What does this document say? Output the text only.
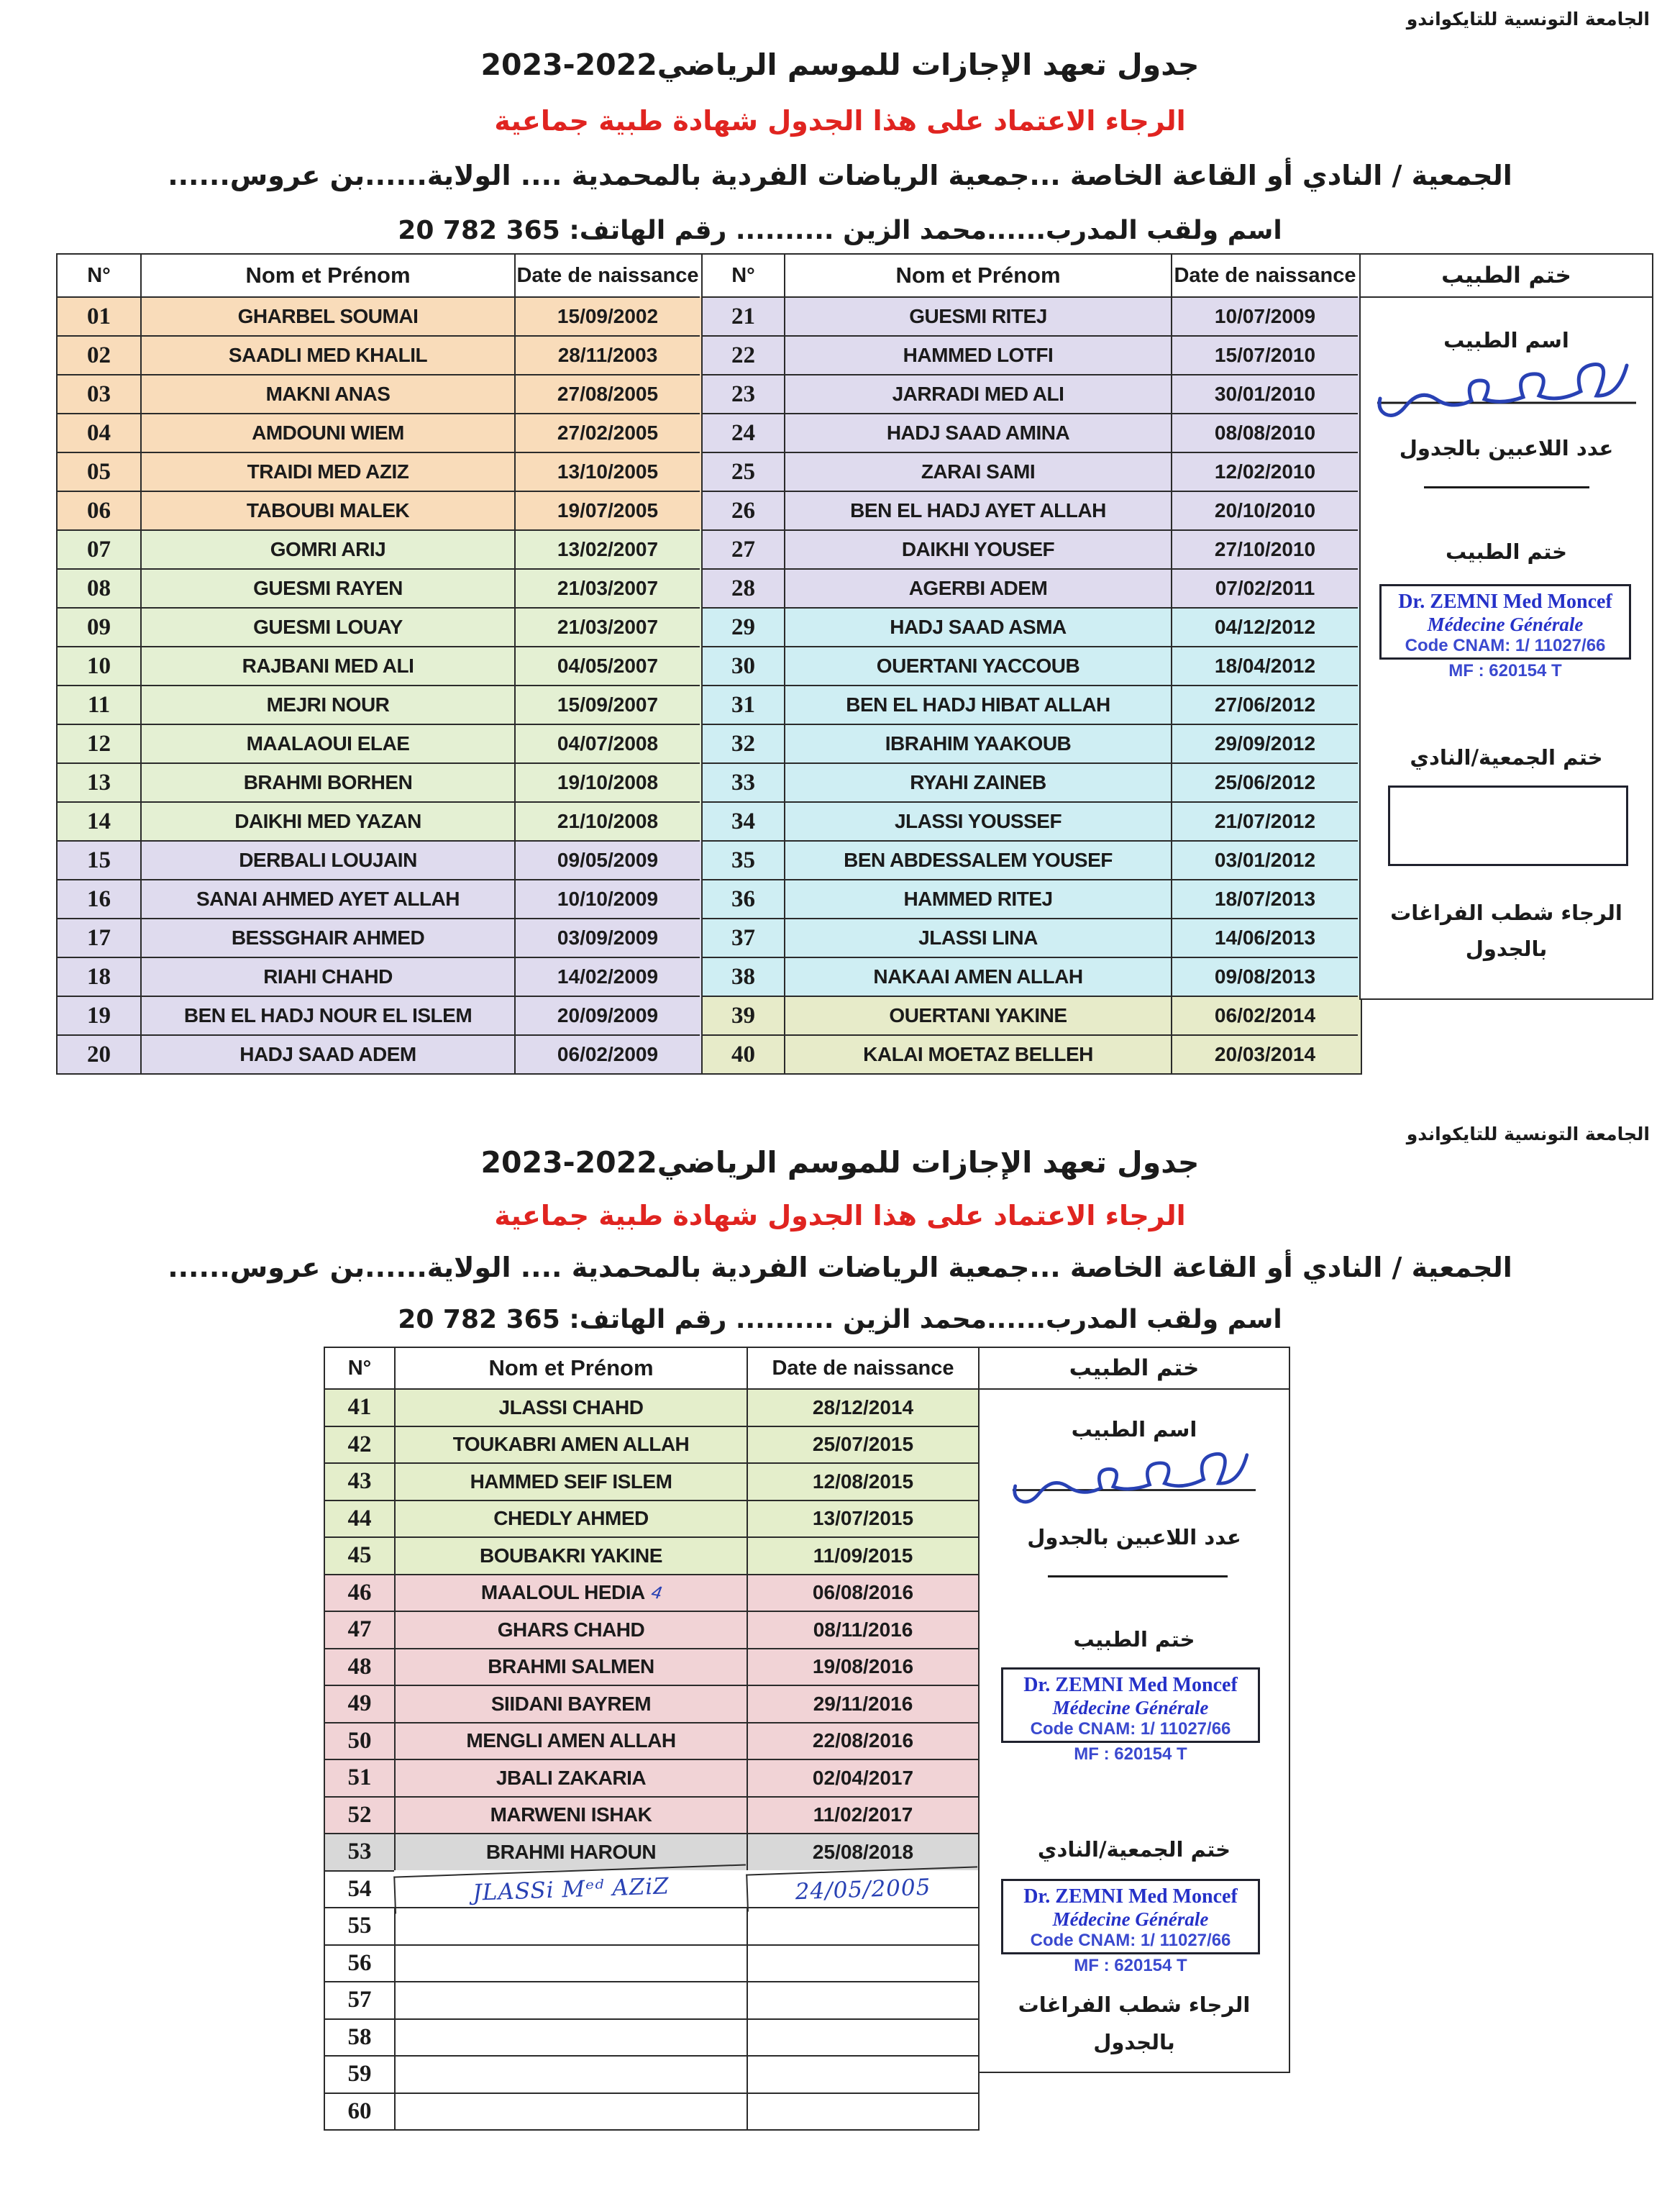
الجامعة التونسية للتايكواندو
جدول تعهد الإجازات للموسم الرياضي2023-2022
الرجاء الاعتماد على هذا الجدول شهادة طبية جماعية
الجمعية / النادي أو القاعة الخاصة ...جمعية الرياضات الفردية بالمحمدية .... الولاية......بن عروس......
اسم ولقب المدرب......محمد الزين .......... رقم الهاتف: 20 782 365
N°	Nom et Prénom	Date de naissance
01	GHARBEL SOUMAI	15/09/2002
02	SAADLI MED KHALIL	28/11/2003
03	MAKNI ANAS	27/08/2005
04	AMDOUNI WIEM	27/02/2005
05	TRAIDI MED AZIZ	13/10/2005
06	TABOUBI MALEK	19/07/2005
07	GOMRI ARIJ	13/02/2007
08	GUESMI RAYEN	21/03/2007
09	GUESMI LOUAY	21/03/2007
10	RAJBANI MED ALI	04/05/2007
11	MEJRI NOUR	15/09/2007
12	MAALAOUI ELAE	04/07/2008
13	BRAHMI BORHEN	19/10/2008
14	DAIKHI MED YAZAN	21/10/2008
15	DERBALI LOUJAIN	09/05/2009
16	SANAI AHMED AYET ALLAH	10/10/2009
17	BESSGHAIR AHMED	03/09/2009
18	RIAHI CHAHD	14/02/2009
19	BEN EL HADJ NOUR EL ISLEM	20/09/2009
20	HADJ SAAD ADEM	06/02/2009
N°	Nom et Prénom	Date de naissance
21	GUESMI RITEJ	10/07/2009
22	HAMMED LOTFI	15/07/2010
23	JARRADI MED ALI	30/01/2010
24	HADJ SAAD AMINA	08/08/2010
25	ZARAI SAMI	12/02/2010
26	BEN EL HADJ AYET ALLAH	20/10/2010
27	DAIKHI YOUSEF	27/10/2010
28	AGERBI ADEM	07/02/2011
29	HADJ SAAD ASMA	04/12/2012
30	OUERTANI YACCOUB	18/04/2012
31	BEN EL HADJ HIBAT ALLAH	27/06/2012
32	IBRAHIM YAAKOUB	29/09/2012
33	RYAHI ZAINEB	25/06/2012
34	JLASSI YOUSSEF	21/07/2012
35	BEN ABDESSALEM YOUSEF	03/01/2012
36	HAMMED RITEJ	18/07/2013
37	JLASSI LINA	14/06/2013
38	NAKAAI AMEN ALLAH	09/08/2013
39	OUERTANI YAKINE	06/02/2014
40	KALAI MOETAZ BELLEH	20/03/2014
ختم الطبيب
اسم الطبيب
عدد اللاعبين بالجدول
ختم الطبيب
Dr. ZEMNI Med Moncef
Médecine Générale
Code CNAM: 1/ 11027/66
MF : 620154 T
ختم الجمعية/النادي
الرجاء شطب الفراغات
بالجدول
الجامعة التونسية للتايكواندو
جدول تعهد الإجازات للموسم الرياضي2023-2022
الرجاء الاعتماد على هذا الجدول شهادة طبية جماعية
الجمعية / النادي أو القاعة الخاصة ...جمعية الرياضات الفردية بالمحمدية .... الولاية......بن عروس......
اسم ولقب المدرب......محمد الزين .......... رقم الهاتف: 20 782 365
N°	Nom et Prénom	Date de naissance
41	JLASSI CHAHD	28/12/2014
42	TOUKABRI AMEN ALLAH	25/07/2015
43	HAMMED SEIF ISLEM	12/08/2015
44	CHEDLY AHMED	13/07/2015
45	BOUBAKRI YAKINE	11/09/2015
46	MAALOUL HEDIA 4	06/08/2016
47	GHARS CHAHD	08/11/2016
48	BRAHMI SALMEN	19/08/2016
49	SIIDANI BAYREM	29/11/2016
50	MENGLI AMEN ALLAH	22/08/2016
51	JBALI ZAKARIA	02/04/2017
52	MARWENI ISHAK	11/02/2017
53	BRAHMI HAROUN	25/08/2018
54	JLASSi Mᵉᵈ AZiZ	24/05/2005
55
56
57
58
59
60
ختم الطبيب
اسم الطبيب
عدد اللاعبين بالجدول
ختم الطبيب
Dr. ZEMNI Med Moncef
Médecine Générale
Code CNAM: 1/ 11027/66
MF : 620154 T
ختم الجمعية/النادي
Dr. ZEMNI Med Moncef
Médecine Générale
Code CNAM: 1/ 11027/66
MF : 620154 T
الرجاء شطب الفراغات
بالجدول
